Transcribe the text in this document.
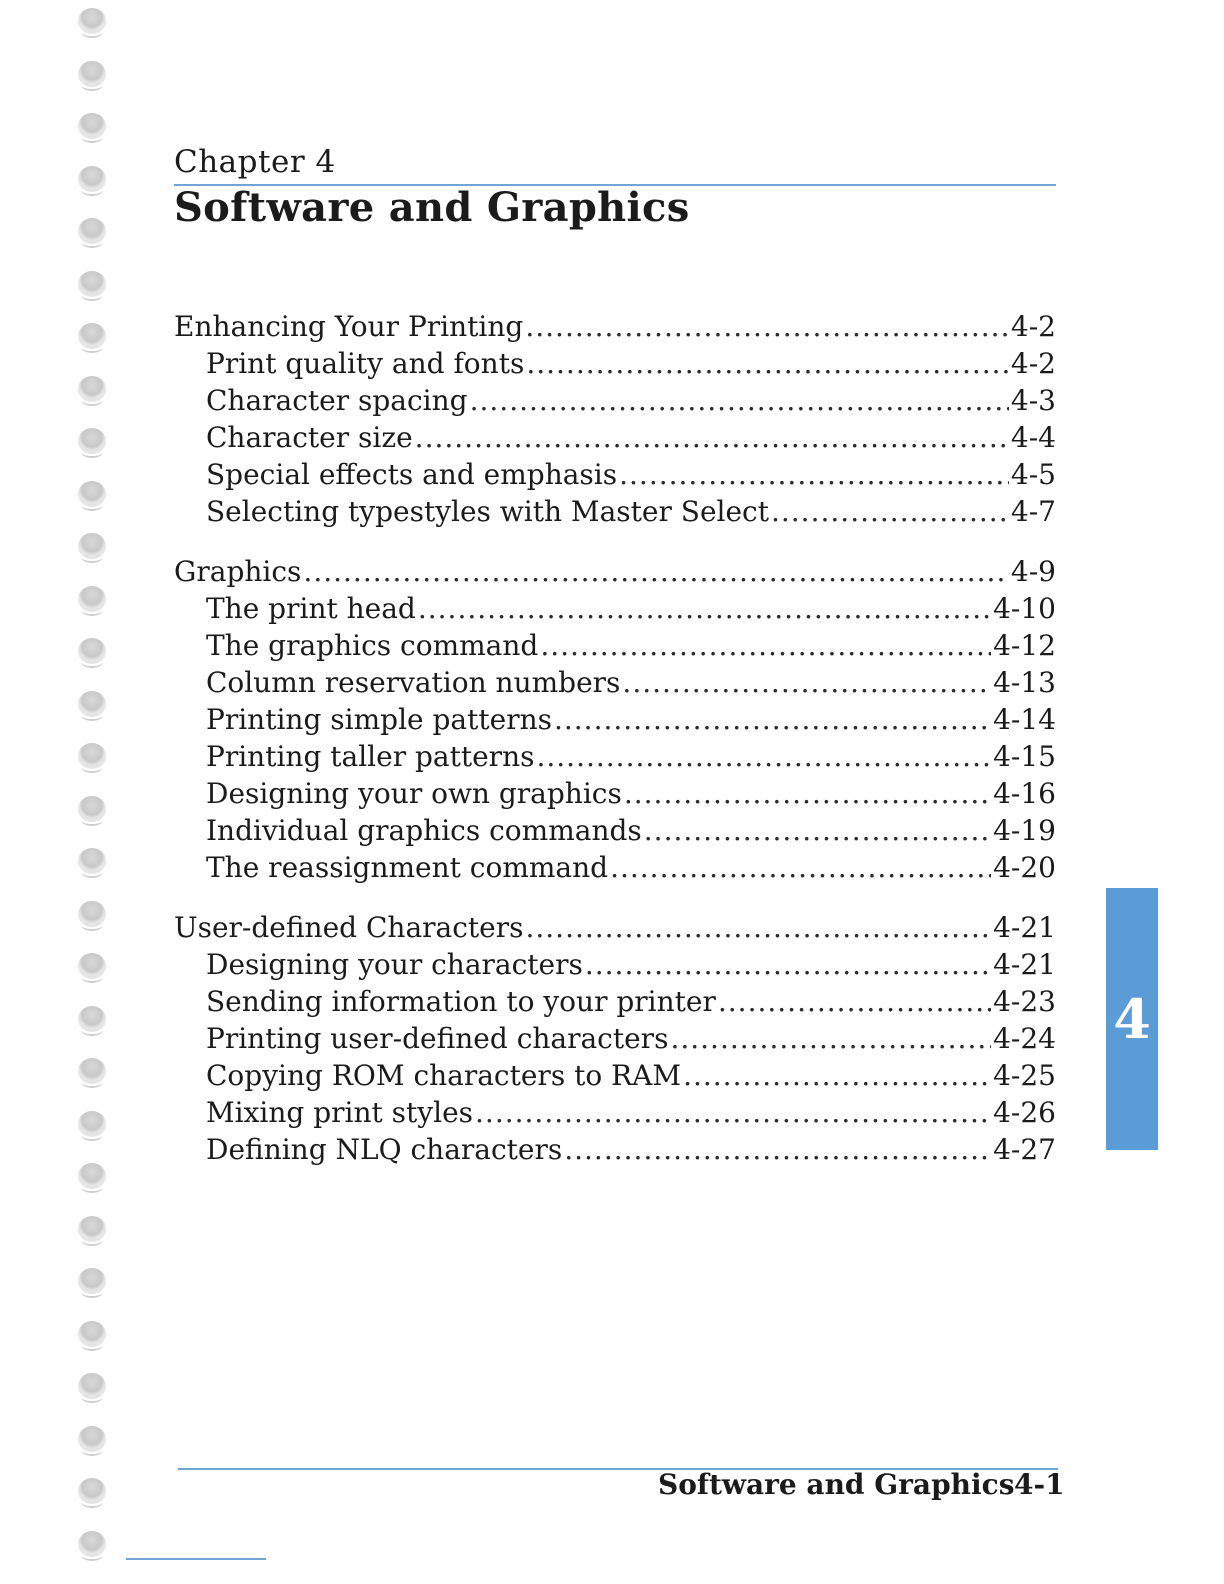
Chapter 4
Software and Graphics
Enhancing Your Printing .....	4-2
Print quality and fonts .....	4-2
Character spacing .....	4-3
Character size .....	4-4
Special effects and emphasis .....	4-5
Selecting typestyles with Master Select .....	4-7
Graphics .....	4-9
The print head .....	4-10
The graphics command .....	4-12
Column reservation numbers .....	4-13
Printing simple patterns .....	4-14
Printing taller patterns .....	4-15
Designing your own graphics .....	4-16
Individual graphics commands .....	4-19
The reassignment command .....	4-20
User-defined Characters .....	4-21
Designing your characters .....	4-21
Sending information to your printer .....	4-23
Printing user-defined characters .....	4-24
Copying ROM characters to RAM .....	4-25
Mixing print styles .....	4-26
Defining NLQ characters .....	4-27
4
Software and Graphics 4-1
